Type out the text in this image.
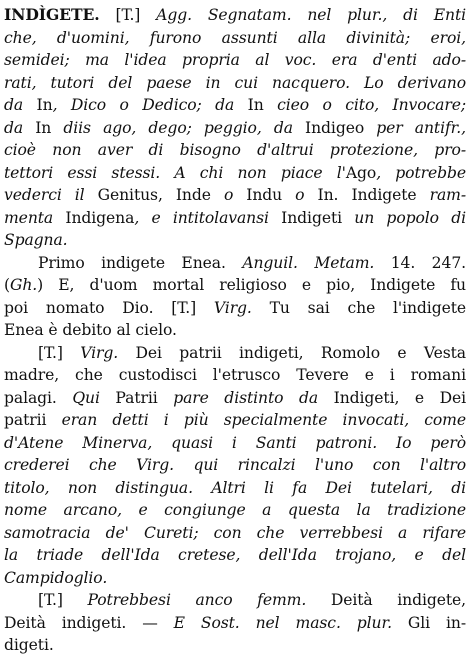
INDÌGETE. [T.] Agg. Segnatam. nel plur., di Enti
che, d'uomini, furono assunti alla divinità; eroi,
semidei; ma l'idea propria al voc. era d'enti ado-
rati, tutori del paese in cui nacquero. Lo derivano
da In, Dico o Dedico; da In cieo o cito, Invocare;
da In diis ago, dego; peggio, da Indigeo per antifr.,
cioè non aver di bisogno d'altrui protezione, pro-
tettori essi stessi. A chi non piace l'Ago, potrebbe
vederci il Genitus, Inde o Indu o In. Indigete ram-
menta Indigena, e intitolavansi Indigeti un popolo di
Spagna.
Primo indigete Enea. Anguil. Metam. 14. 247.
(Gh.) E, d'uom mortal religioso e pio, Indigete fu
poi nomato Dio. [T.] Virg. Tu sai che l'indigete
Enea è debito al cielo.
[T.] Virg. Dei patrii indigeti, Romolo e Vesta
madre, che custodisci l'etrusco Tevere e i romani
palagi. Qui Patrii pare distinto da Indigeti, e Dei
patrii eran detti i più specialmente invocati, come
d'Atene Minerva, quasi i Santi patroni. Io però
crederei che Virg. qui rincalzi l'uno con l'altro
titolo, non distingua. Altri li fa Dei tutelari, di
nome arcano, e congiunge a questa la tradizione
samotracia de' Cureti; con che verrebbesi a rifare
la triade dell'Ida cretese, dell'Ida trojano, e del
Campidoglio.
[T.] Potrebbesi anco femm. Deità indigete,
Deità indigeti. — E Sost. nel masc. plur. Gli in-
digeti.
